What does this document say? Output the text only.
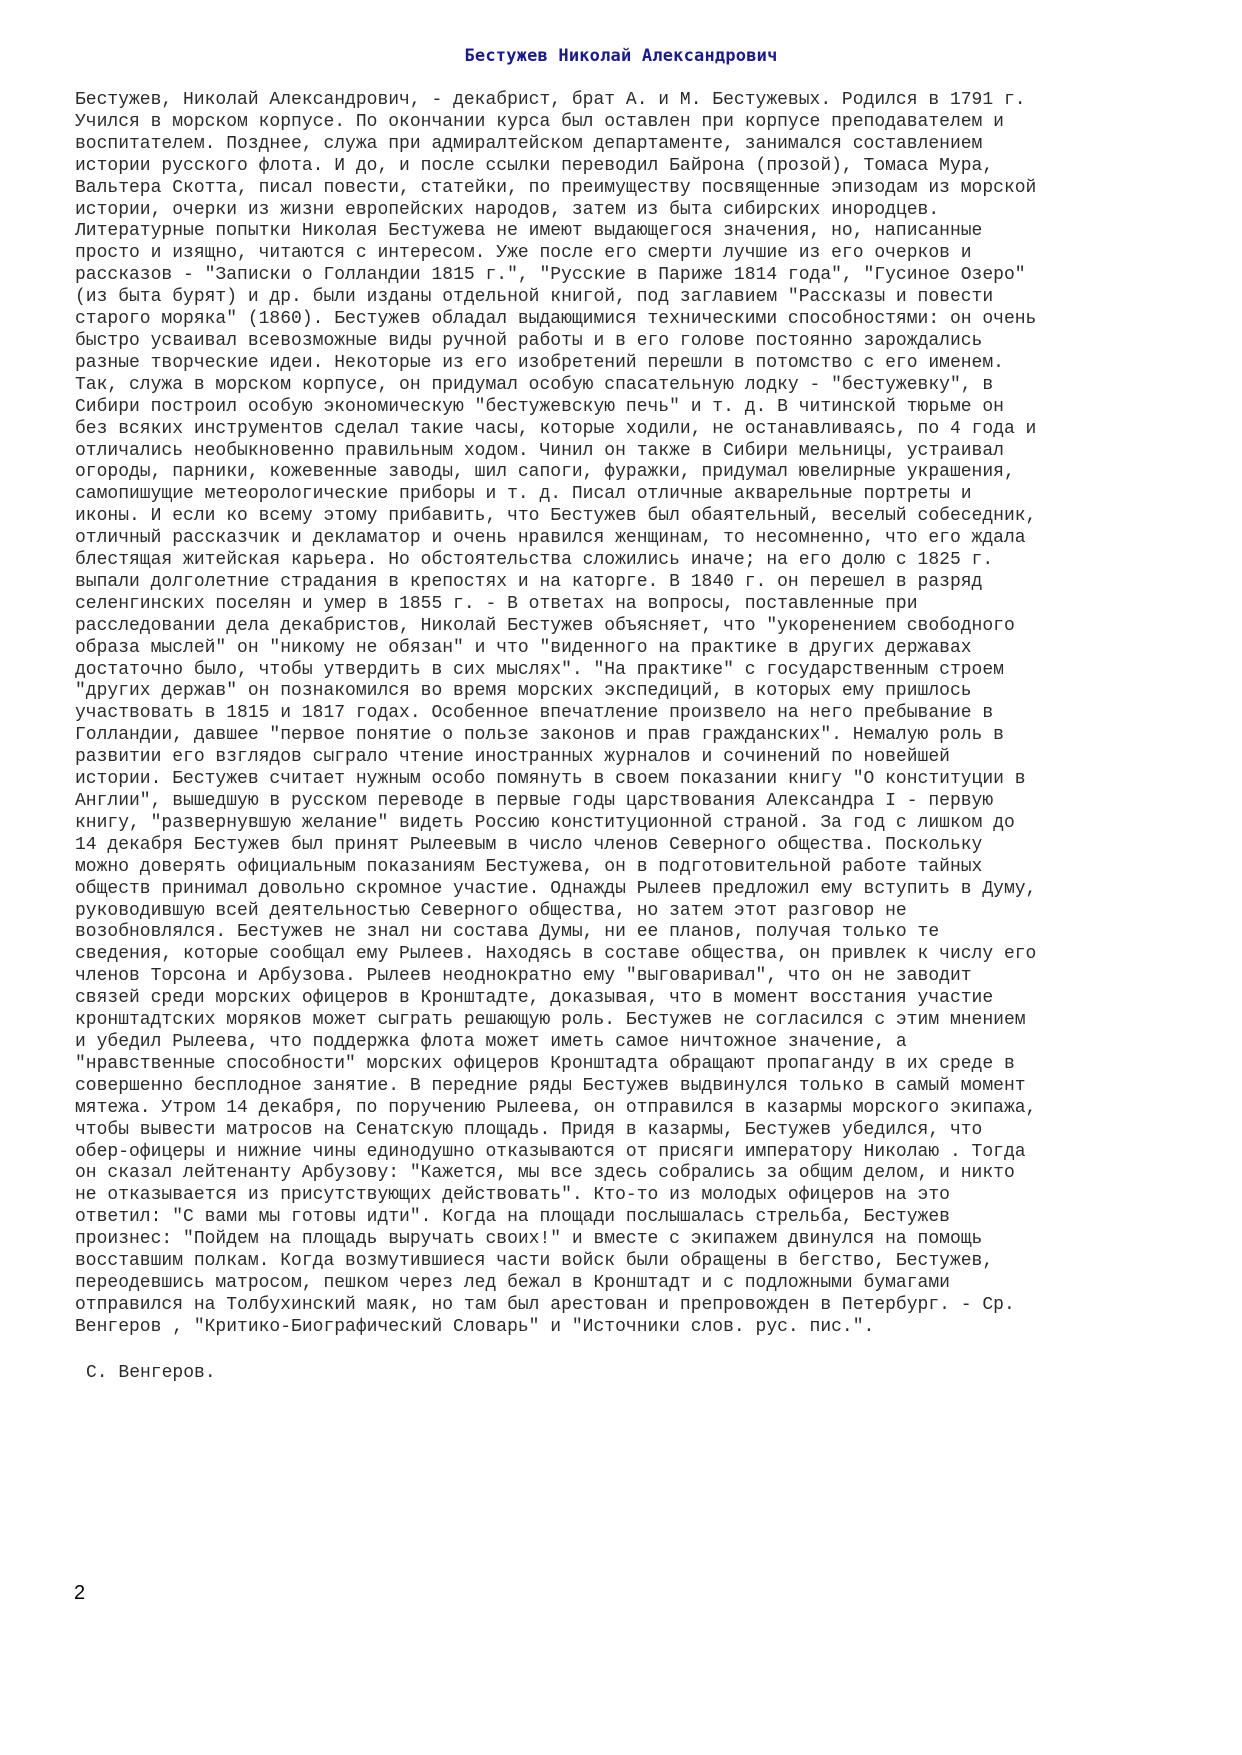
Бестужев Николай Александрович
Бестужев, Николай Александрович, - декабрист, брат А. и М. Бестужевых. Родился в 1791 г.
Учился в морском корпусе. По окончании курса был оставлен при корпусе преподавателем и
воспитателем. Позднее, служа при адмиралтейском департаменте, занимался составлением
истории русского флота. И до, и после ссылки переводил Байрона (прозой), Томаса Мура,
Вальтера Скотта, писал повести, статейки, по преимуществу посвященные эпизодам из морской
истории, очерки из жизни европейских народов, затем из быта сибирских инородцев.
Литературные попытки Николая Бестужева не имеют выдающегося значения, но, написанные
просто и изящно, читаются с интересом. Уже после его смерти лучшие из его очерков и
рассказов - "Записки о Голландии 1815 г.", "Русские в Париже 1814 года", "Гусиное Озеро"
(из быта бурят) и др. были изданы отдельной книгой, под заглавием "Рассказы и повести
старого моряка" (1860). Бестужев обладал выдающимися техническими способностями: он очень
быстро усваивал всевозможные виды ручной работы и в его голове постоянно зарождались
разные творческие идеи. Некоторые из его изобретений перешли в потомство с его именем.
Так, служа в морском корпусе, он придумал особую спасательную лодку - "бестужевку", в
Сибири построил особую экономическую "бестужевскую печь" и т. д. В читинской тюрьме он
без всяких инструментов сделал такие часы, которые ходили, не останавливаясь, по 4 года и
отличались необыкновенно правильным ходом. Чинил он также в Сибири мельницы, устраивал
огороды, парники, кожевенные заводы, шил сапоги, фуражки, придумал ювелирные украшения,
самопишущие метеорологические приборы и т. д. Писал отличные акварельные портреты и
иконы. И если ко всему этому прибавить, что Бестужев был обаятельный, веселый собеседник,
отличный рассказчик и декламатор и очень нравился женщинам, то несомненно, что его ждала
блестящая житейская карьера. Но обстоятельства сложились иначе; на его долю с 1825 г.
выпали долголетние страдания в крепостях и на каторге. В 1840 г. он перешел в разряд
селенгинских поселян и умер в 1855 г. - В ответах на вопросы, поставленные при
расследовании дела декабристов, Николай Бестужев объясняет, что "укоренением свободного
образа мыслей" он "никому не обязан" и что "виденного на практике в других державах
достаточно было, чтобы утвердить в сих мыслях". "На практике" с государственным строем
"других держав" он познакомился во время морских экспедиций, в которых ему пришлось
участвовать в 1815 и 1817 годах. Особенное впечатление произвело на него пребывание в
Голландии, давшее "первое понятие о пользе законов и прав гражданских". Немалую роль в
развитии его взглядов сыграло чтение иностранных журналов и сочинений по новейшей
истории. Бестужев считает нужным особо помянуть в своем показании книгу "О конституции в
Англии", вышедшую в русском переводе в первые годы царствования Александра I - первую
книгу, "развернувшую желание" видеть Россию конституционной страной. За год с лишком до
14 декабря Бестужев был принят Рылеевым в число членов Северного общества. Поскольку
можно доверять официальным показаниям Бестужева, он в подготовительной работе тайных
обществ принимал довольно скромное участие. Однажды Рылеев предложил ему вступить в Думу,
руководившую всей деятельностью Северного общества, но затем этот разговор не
возобновлялся. Бестужев не знал ни состава Думы, ни ее планов, получая только те
сведения, которые сообщал ему Рылеев. Находясь в составе общества, он привлек к числу его
членов Торсона и Арбузова. Рылеев неоднократно ему "выговаривал", что он не заводит
связей среди морских офицеров в Кронштадте, доказывая, что в момент восстания участие
кронштадтских моряков может сыграть решающую роль. Бестужев не согласился с этим мнением
и убедил Рылеева, что поддержка флота может иметь самое ничтожное значение, а
"нравственные способности" морских офицеров Кронштадта обращают пропаганду в их среде в
совершенно бесплодное занятие. В передние ряды Бестужев выдвинулся только в самый момент
мятежа. Утром 14 декабря, по поручению Рылеева, он отправился в казармы морского экипажа,
чтобы вывести матросов на Сенатскую площадь. Придя в казармы, Бестужев убедился, что
обер-офицеры и нижние чины единодушно отказываются от присяги императору Николаю . Тогда
он сказал лейтенанту Арбузову: "Кажется, мы все здесь собрались за общим делом, и никто
не отказывается из присутствующих действовать". Кто-то из молодых офицеров на это
ответил: "С вами мы готовы идти". Когда на площади послышалась стрельба, Бестужев
произнес: "Пойдем на площадь выручать своих!" и вместе с экипажем двинулся на помощь
восставшим полкам. Когда возмутившиеся части войск были обращены в бегство, Бестужев,
переодевшись матросом, пешком через лед бежал в Кронштадт и с подложными бумагами
отправился на Толбухинский маяк, но там был арестован и препровожден в Петербург. - Ср.
Венгеров , "Критико-Биографический Словарь" и "Источники слов. рус. пис.".

С. Венгеров.
2
